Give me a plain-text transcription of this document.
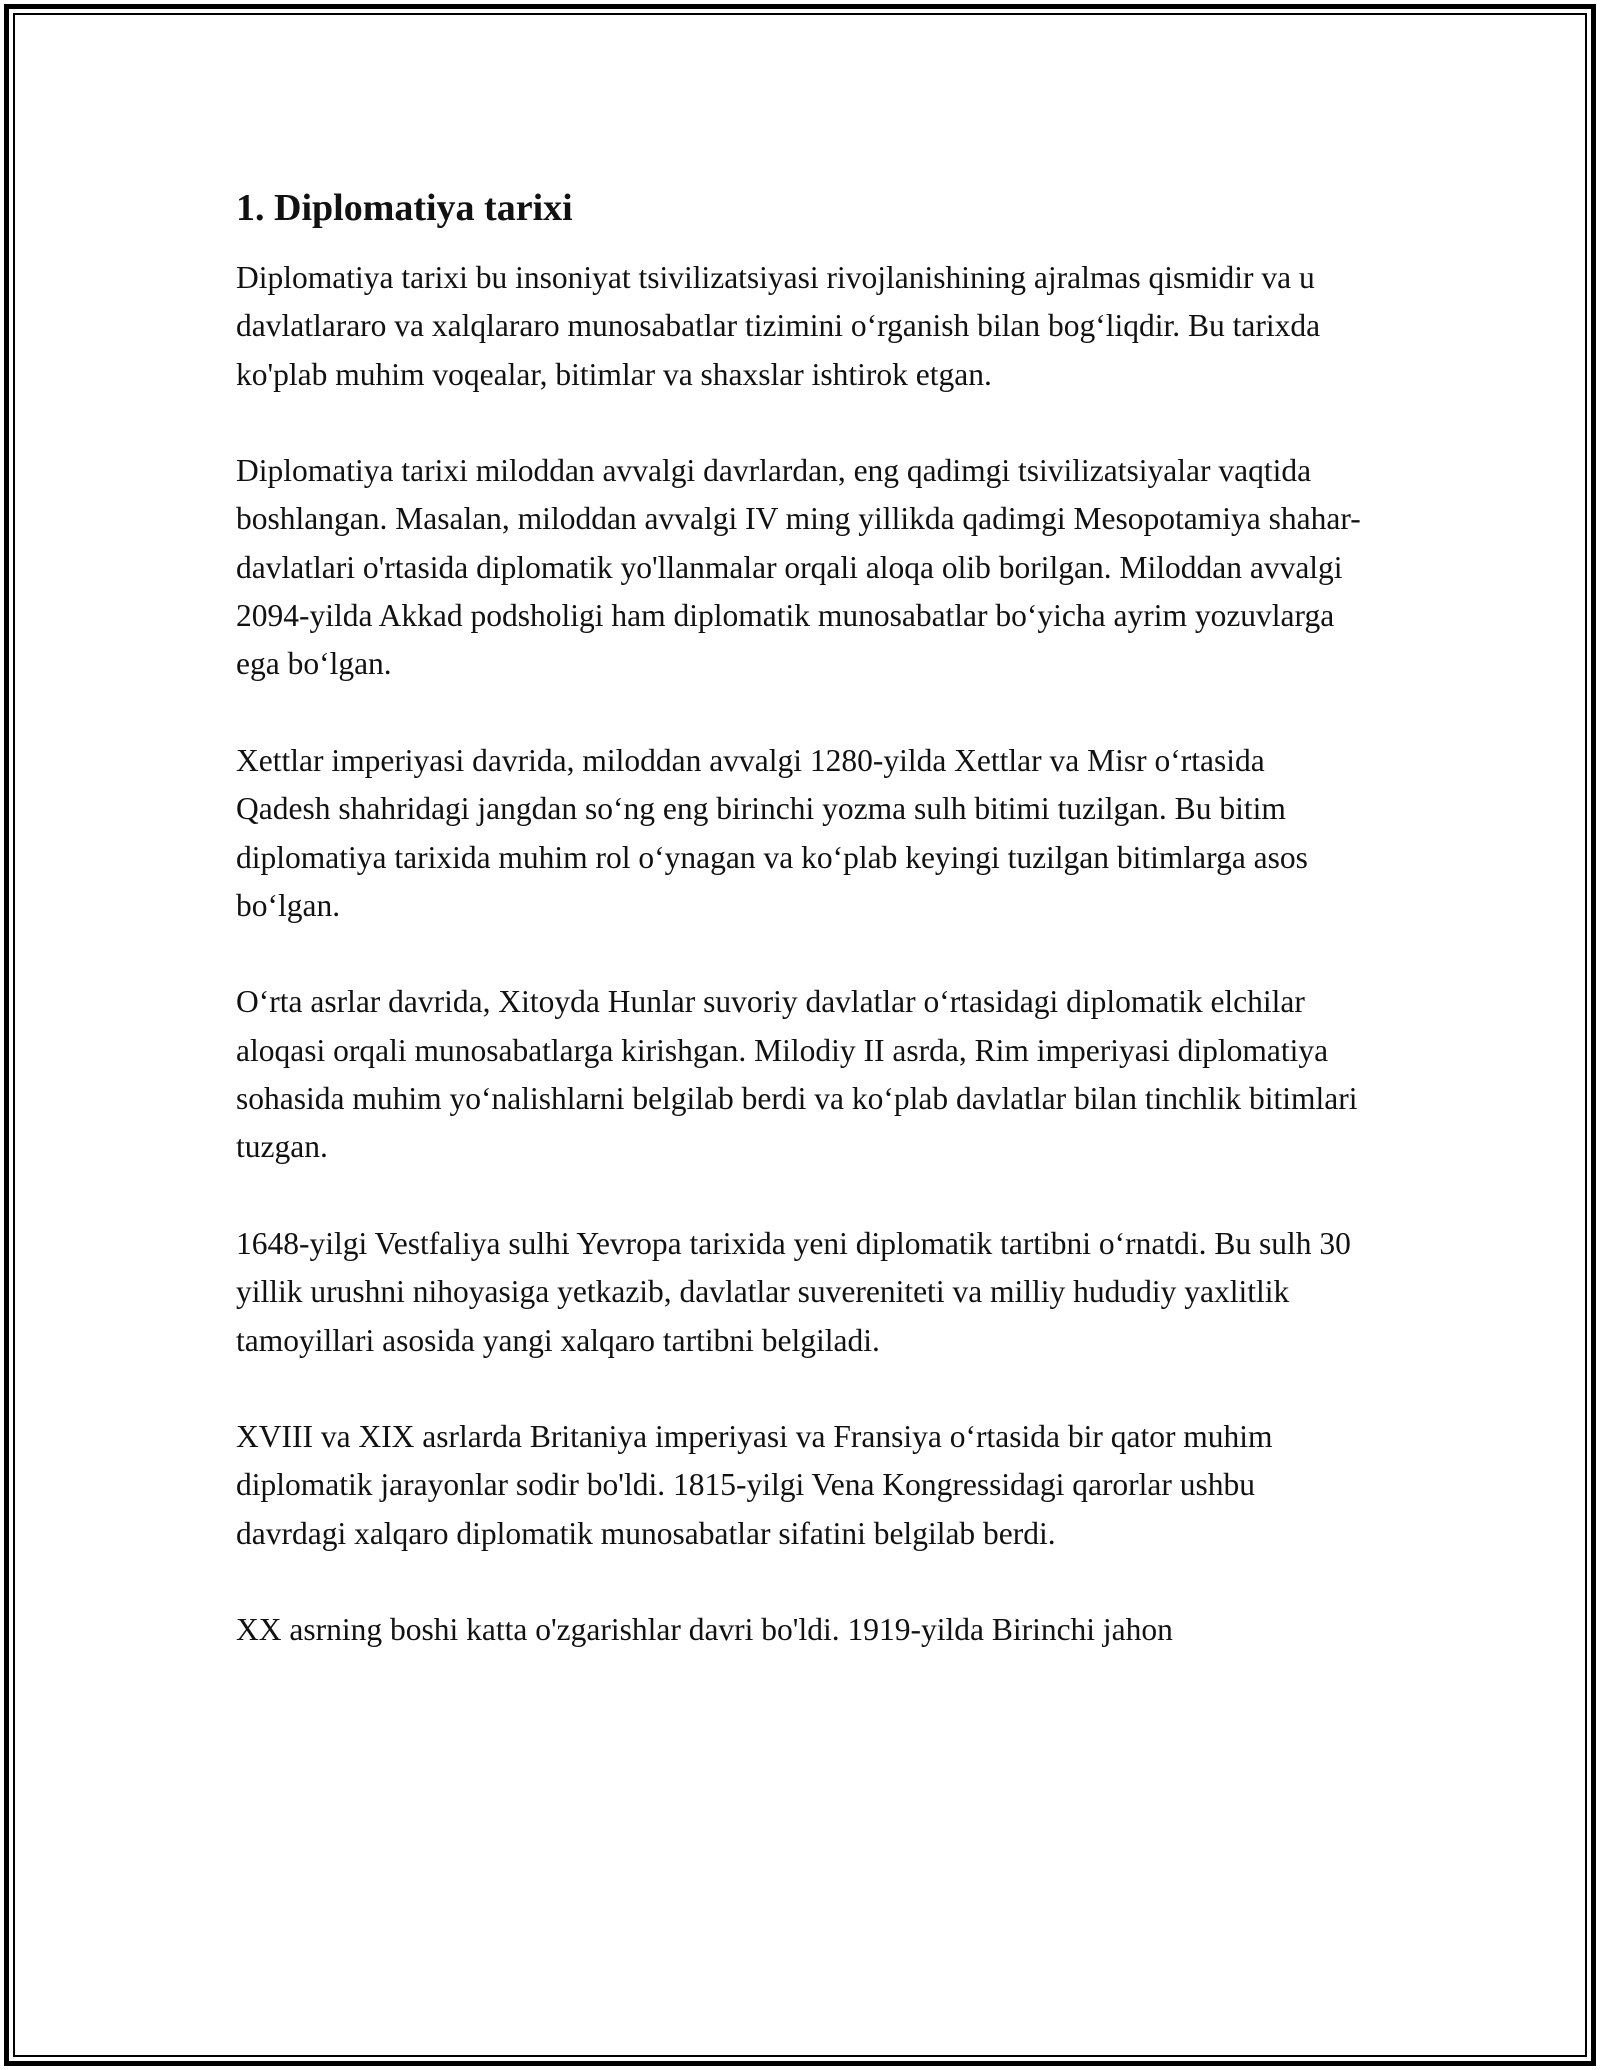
1. Diplomatiya tarixi

Diplomatiya tarixi bu insoniyat tsivilizatsiyasi rivojlanishining ajralmas qismidir va u davlatlararo va xalqlararo munosabatlar tizimini o‘rganish bilan bog‘liqdir. Bu tarixda ko'plab muhim voqealar, bitimlar va shaxslar ishtirok etgan.

Diplomatiya tarixi miloddan avvalgi davrlardan, eng qadimgi tsivilizatsiyalar vaqtida boshlangan. Masalan, miloddan avvalgi IV ming yillikda qadimgi Mesopotamiya shahar-davlatlari o'rtasida diplomatik yo'llanmalar orqali aloqa olib borilgan. Miloddan avvalgi 2094-yilda Akkad podsholigi ham diplomatik munosabatlar bo‘yicha ayrim yozuvlarga ega bo‘lgan.

Xettlar imperiyasi davrida, miloddan avvalgi 1280-yilda Xettlar va Misr o‘rtasida Qadesh shahridagi jangdan so‘ng eng birinchi yozma sulh bitimi tuzilgan. Bu bitim diplomatiya tarixida muhim rol o‘ynagan va ko‘plab keyingi tuzilgan bitimlarga asos bo‘lgan.

O‘rta asrlar davrida, Xitoyda Hunlar suvoriy davlatlar o‘rtasidagi diplomatik elchilar aloqasi orqali munosabatlarga kirishgan. Milodiy II asrda, Rim imperiyasi diplomatiya sohasida muhim yo‘nalishlarni belgilab berdi va ko‘plab davlatlar bilan tinchlik bitimlari tuzgan.

1648-yilgi Vestfaliya sulhi Yevropa tarixida yeni diplomatik tartibni o‘rnatdi. Bu sulh 30 yillik urushni nihoyasiga yetkazib, davlatlar suvereniteti va milliy hududiy yaxlitlik tamoyillari asosida yangi xalqaro tartibni belgiladi.

XVIII va XIX asrlarda Britaniya imperiyasi va Fransiya o‘rtasida bir qator muhim diplomatik jarayonlar sodir bo'ldi. 1815-yilgi Vena Kongressidagi qarorlar ushbu davrdagi xalqaro diplomatik munosabatlar sifatini belgilab berdi.

XX asrning boshi katta o'zgarishlar davri bo'ldi. 1919-yilda Birinchi jahon
